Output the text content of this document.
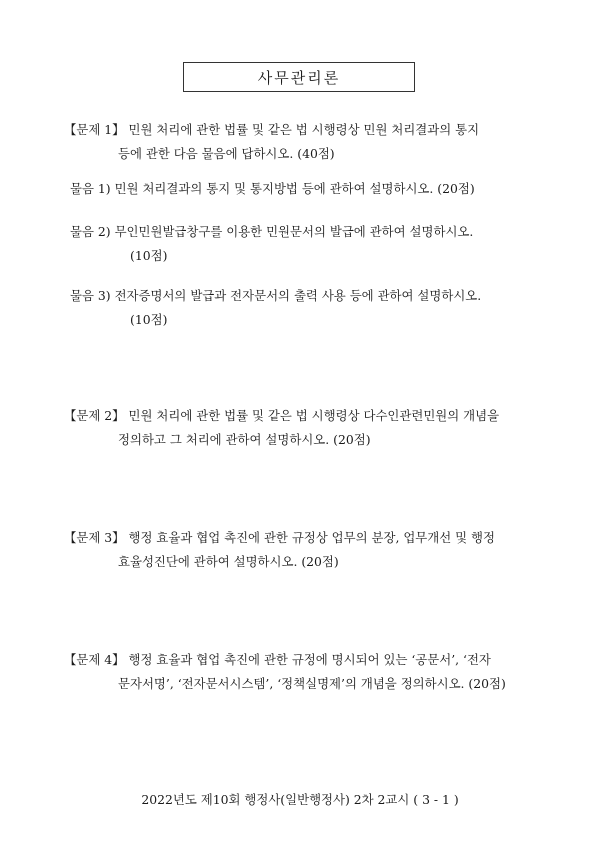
사무관리론
【문제 1】 민원 처리에 관한 법률 및 같은 법 시행령상 민원 처리결과의 통지
등에 관한 다음 물음에 답하시오. (40점)
물음 1) 민원 처리결과의 통지 및 통지방법 등에 관하여 설명하시오. (20점)
물음 2) 무인민원발급창구를 이용한 민원문서의 발급에 관하여 설명하시오.
(10점)
물음 3) 전자증명서의 발급과 전자문서의 출력 사용 등에 관하여 설명하시오.
(10점)
【문제 2】 민원 처리에 관한 법률 및 같은 법 시행령상 다수인관련민원의 개념을
정의하고 그 처리에 관하여 설명하시오. (20점)
【문제 3】 행정 효율과 협업 촉진에 관한 규정상 업무의 분장, 업무개선 및 행정
효율성진단에 관하여 설명하시오. (20점)
【문제 4】 행정 효율과 협업 촉진에 관한 규정에 명시되어 있는 ‘공문서’, ‘전자
문자서명’, ‘전자문서시스템’, ‘정책실명제’의 개념을 정의하시오. (20점)
2022년도 제10회 행정사(일반행정사) 2차 2교시 ( 3 - 1 )
